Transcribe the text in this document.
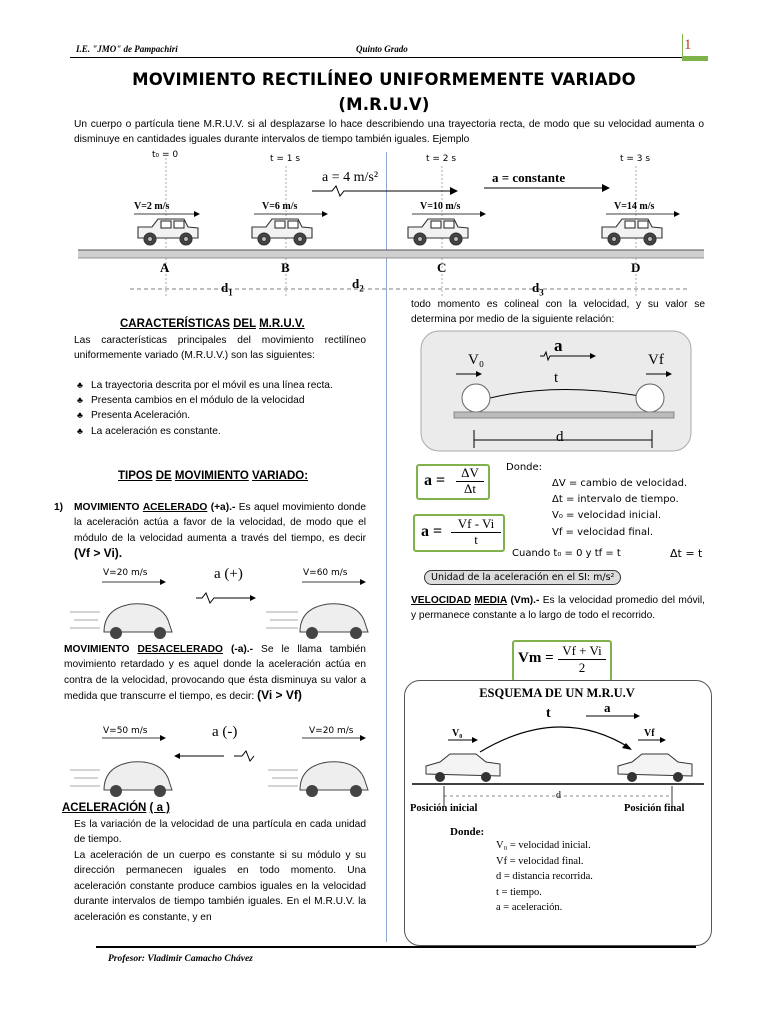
I.E. "JMO" de Pampachiri	Quinto Grado	1
MOVIMIENTO RECTILÍNEO UNIFORMEMENTE VARIADO
(M.R.U.V)
Un cuerpo o partícula tiene M.R.U.V. si al desplazarse lo hace describiendo una trayectoria recta, de modo que su velocidad aumenta o disminuye en cantidades iguales durante intervalos de tiempo también iguales. Ejemplo
t₀ = 0	t = 1 s	t = 2 s	t = 3 s
a = 4 m/s²	a = constante
V=2 m/s	V=6 m/s	V=10 m/s	V=14 m/s
A	B	C	D
$d_1$
$d_2$	$d_3$
CARACTERÍSTICAS DEL M.R.U.V.
Las características principales del movimiento rectilíneo uniformemente variado (M.R.U.V.) son las siguientes:
♣ La trayectoria descrita por el móvil es una línea recta.
♣ Presenta cambios en el módulo de la velocidad
♣ Presenta Aceleración.
♣ La aceleración es constante.
TIPOS DE MOVIMIENTO VARIADO:
1) MOVIMIENTO ACELERADO (+a).- Es aquel movimiento donde la aceleración actúa a favor de la velocidad, de modo que el módulo de la velocidad aumenta a través del tiempo, es decir (Vf > Vi).
V=20 m/s	V=60 m/s
a (+)
MOVIMIENTO DESACELERADO (-a).- Se le llama también movimiento retardado y es aquel donde la aceleración actúa en contra de la velocidad, provocando que ésta disminuya su valor a medida que transcurre el tiempo, es decir: (Vi > Vf)
V=50 m/s	V=20 m/s
a (-)
ACELERACIÓN ( a )
Es la variación de la velocidad de una partícula en cada unidad de tiempo.
La aceleración de un cuerpo es constante si su módulo y su dirección permanecen iguales en todo momento. Una aceleración constante produce cambios iguales en la velocidad durante intervalos de tiempo también iguales. En el M.R.U.V. la aceleración es constante, y en
todo momento es colineal con la velocidad, y su valor se determina por medio de la siguiente relación:
V₀	Vf
a
t
d
a =	ΔV
Δt
a =	Vf - Vi
t
Donde:
ΔV = cambio de velocidad.
Δt = intervalo de tiempo.
V₀ = velocidad inicial.
Vf = velocidad final.
Cuando t₀ = 0 y tf = t	Δt = t
Unidad de la aceleración en el SI: m/s²
VELOCIDAD MEDIA (Vm).- Es la velocidad promedio del móvil, y permanece constante a lo largo de todo el recorrido.
Vm = Vf + Vi
2
ESQUEMA DE UN M.R.U.V
t	a
V₀	Vf
d
Posición inicial	Posición final
Donde:
V₀ = velocidad inicial.
Vf = velocidad final.
d = distancia recorrida.
t = tiempo.
a = aceleración.
Profesor: Vladimir Camacho Chávez
